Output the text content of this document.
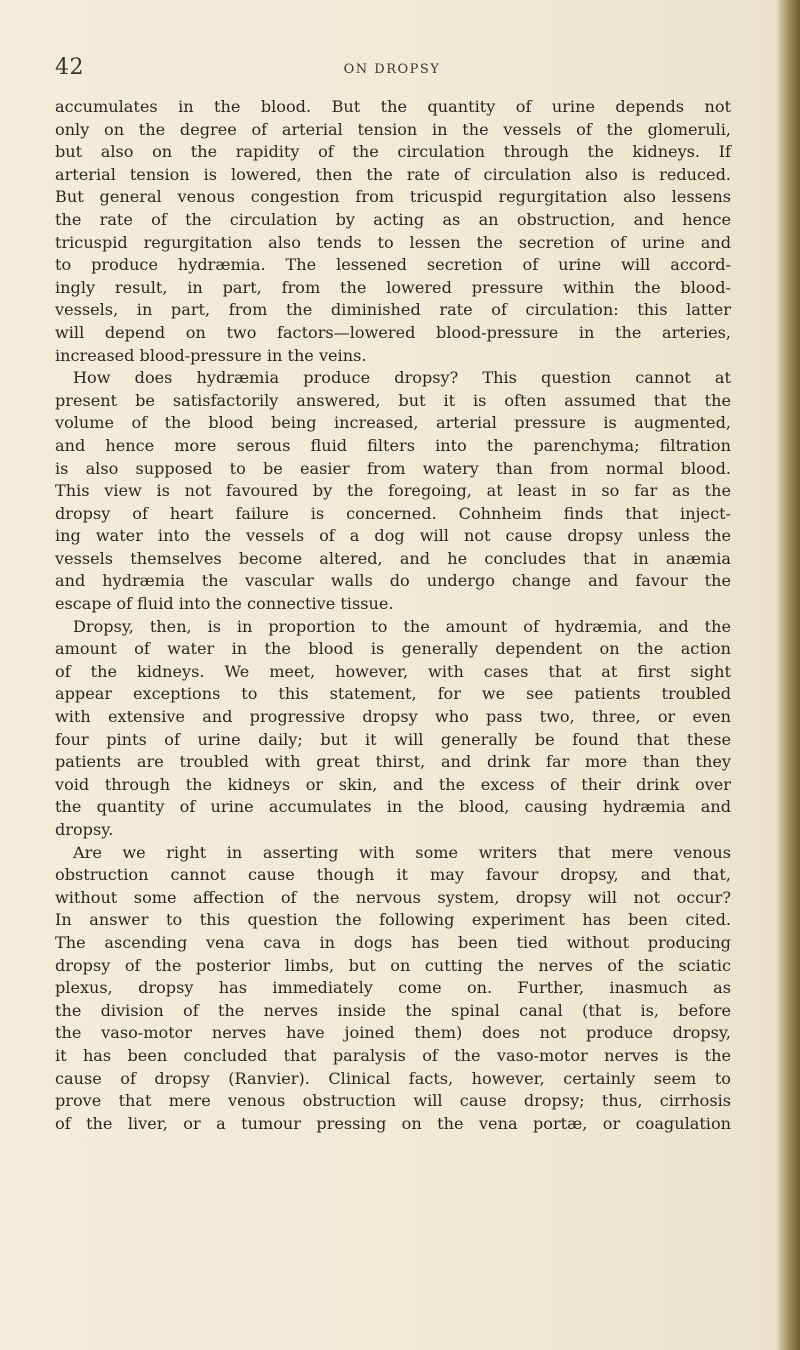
42	ON DROPSY
accumulates in the blood. But the quantity of urine depends not
only on the degree of arterial tension in the vessels of the glomeruli,
but also on the rapidity of the circulation through the kidneys. If
arterial tension is lowered, then the rate of circulation also is reduced.
But general venous congestion from tricuspid regurgitation also lessens
the rate of the circulation by acting as an obstruction, and hence
tricuspid regurgitation also tends to lessen the secretion of urine and
to produce hydræmia. The lessened secretion of urine will accord-
ingly result, in part, from the lowered pressure within the blood-
vessels, in part, from the diminished rate of circulation: this latter
will depend on two factors—lowered blood-pressure in the arteries,
increased blood-pressure in the veins.
How does hydræmia produce dropsy? This question cannot at
present be satisfactorily answered, but it is often assumed that the
volume of the blood being increased, arterial pressure is augmented,
and hence more serous fluid filters into the parenchyma; filtration
is also supposed to be easier from watery than from normal blood.
This view is not favoured by the foregoing, at least in so far as the
dropsy of heart failure is concerned. Cohnheim finds that inject-
ing water into the vessels of a dog will not cause dropsy unless the
vessels themselves become altered, and he concludes that in anæmia
and hydræmia the vascular walls do undergo change and favour the
escape of fluid into the connective tissue.
Dropsy, then, is in proportion to the amount of hydræmia, and the
amount of water in the blood is generally dependent on the action
of the kidneys. We meet, however, with cases that at first sight
appear exceptions to this statement, for we see patients troubled
with extensive and progressive dropsy who pass two, three, or even
four pints of urine daily; but it will generally be found that these
patients are troubled with great thirst, and drink far more than they
void through the kidneys or skin, and the excess of their drink over
the quantity of urine accumulates in the blood, causing hydræmia and
dropsy.
Are we right in asserting with some writers that mere venous
obstruction cannot cause though it may favour dropsy, and that,
without some affection of the nervous system, dropsy will not occur?
In answer to this question the following experiment has been cited.
The ascending vena cava in dogs has been tied without producing
dropsy of the posterior limbs, but on cutting the nerves of the sciatic
plexus, dropsy has immediately come on. Further, inasmuch as
the division of the nerves inside the spinal canal (that is, before
the vaso-motor nerves have joined them) does not produce dropsy,
it has been concluded that paralysis of the vaso-motor nerves is the
cause of dropsy (Ranvier). Clinical facts, however, certainly seem to
prove that mere venous obstruction will cause dropsy; thus, cirrhosis
of the liver, or a tumour pressing on the vena portæ, or coagulation
